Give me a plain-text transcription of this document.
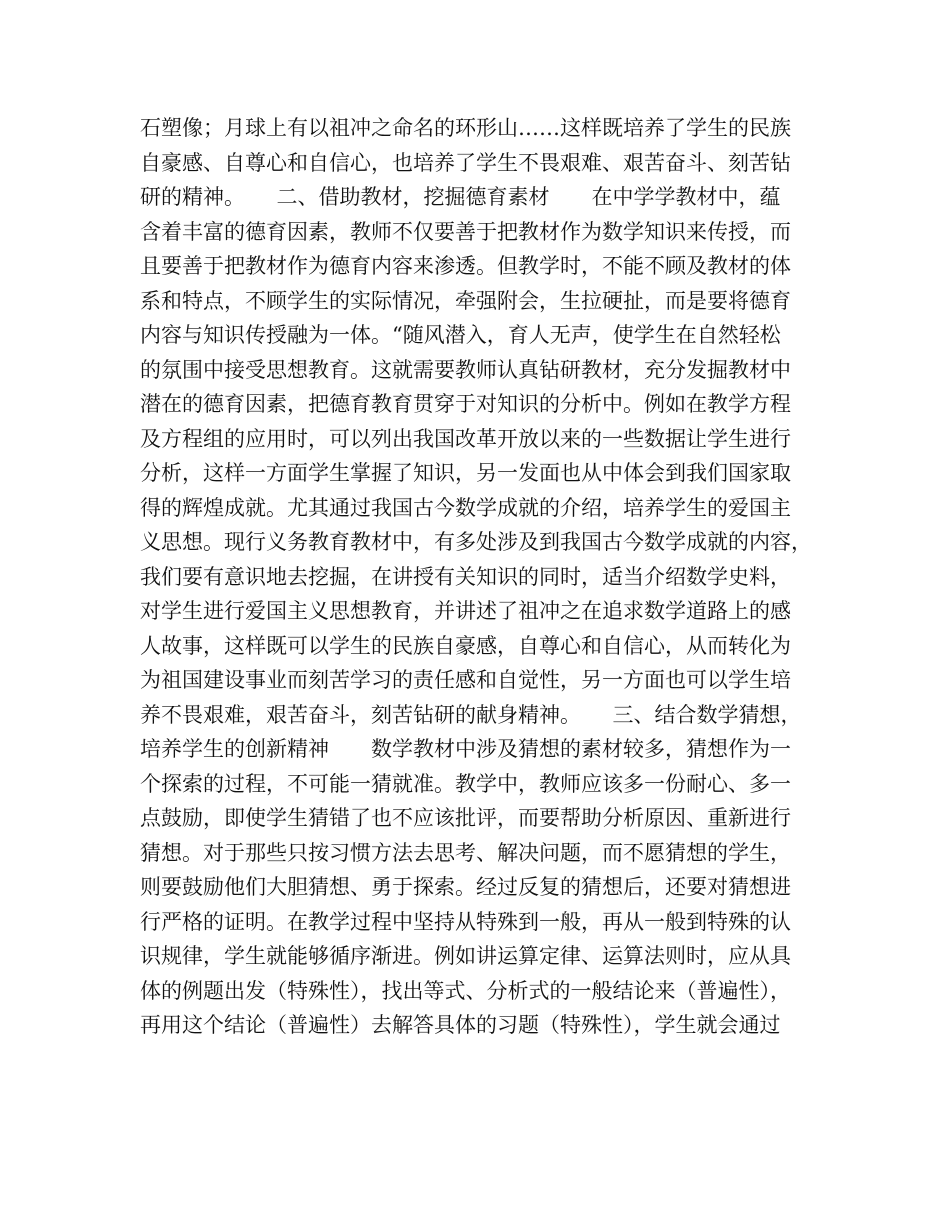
石塑像；月球上有以祖冲之命名的环形山……这样既培养了学生的民族
自豪感、自尊心和自信心，也培养了学生不畏艰难、艰苦奋斗、刻苦钻
研的精神。　　二、借助教材，挖掘德育素材　　在中学学教材中，蕴
含着丰富的德育因素，教师不仅要善于把教材作为数学知识来传授，而
且要善于把教材作为德育内容来渗透。但教学时，不能不顾及教材的体
系和特点，不顾学生的实际情况，牵强附会，生拉硬扯，而是要将德育
内容与知识传授融为一体。“随风潜入，育人无声，使学生在自然轻松
的氛围中接受思想教育。这就需要教师认真钻研教材，充分发掘教材中
潜在的德育因素，把德育教育贯穿于对知识的分析中。例如在教学方程
及方程组的应用时，可以列出我国改革开放以来的一些数据让学生进行
分析，这样一方面学生掌握了知识，另一发面也从中体会到我们国家取
得的辉煌成就。尤其通过我国古今数学成就的介绍，培养学生的爱国主
义思想。现行义务教育教材中，有多处涉及到我国古今数学成就的内容，
我们要有意识地去挖掘，在讲授有关知识的同时，适当介绍数学史料，
对学生进行爱国主义思想教育，并讲述了祖冲之在追求数学道路上的感
人故事，这样既可以学生的民族自豪感，自尊心和自信心，从而转化为
为祖国建设事业而刻苦学习的责任感和自觉性，另一方面也可以学生培
养不畏艰难，艰苦奋斗，刻苦钻研的献身精神。　　三、结合数学猜想，
培养学生的创新精神　　数学教材中涉及猜想的素材较多，猜想作为一
个探索的过程，不可能一猜就准。教学中，教师应该多一份耐心、多一
点鼓励，即使学生猜错了也不应该批评，而要帮助分析原因、重新进行
猜想。对于那些只按习惯方法去思考、解决问题，而不愿猜想的学生，
则要鼓励他们大胆猜想、勇于探索。经过反复的猜想后，还要对猜想进
行严格的证明。在教学过程中坚持从特殊到一般，再从一般到特殊的认
识规律，学生就能够循序渐进。例如讲运算定律、运算法则时，应从具
体的例题出发（特殊性），找出等式、分析式的一般结论来（普遍性），
再用这个结论（普遍性）去解答具体的习题（特殊性），学生就会通过
